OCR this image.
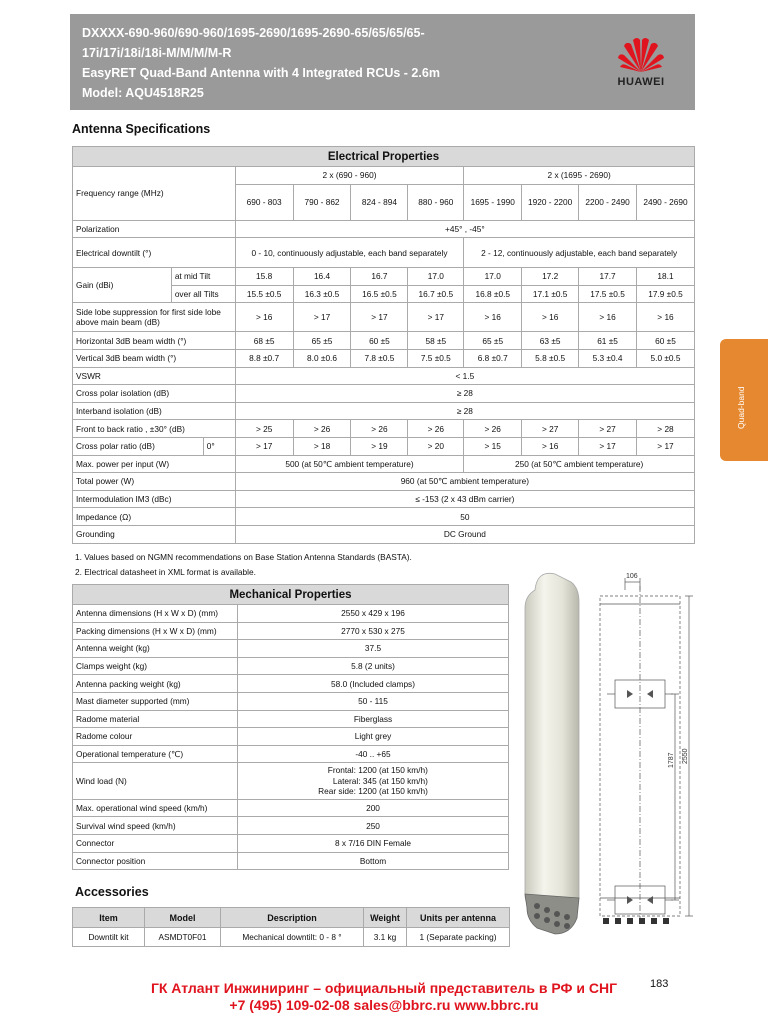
DXXXX-690-960/690-960/1695-2690/1695-2690-65/65/65/65-
17i/17i/18i/18i-M/M/M/M-R
EasyRET Quad-Band Antenna with 4 Integrated RCUs - 2.6m
Model: AQU4518R25
HUAWEI
Quad-band
Antenna Specifications
Electrical Properties										
Frequency range (MHz)			2 x (690 - 960)				2 x (1695 - 2690)			
			690 - 803	790 - 862	824 - 894	880 - 960	1695 - 1990	1920 - 2200	2200 - 2490	2490 - 2690
Polarization			+45° , -45°							
Electrical downtilt (°)			0 - 10, continuously adjustable, each band separately				2 - 12, continuously adjustable, each band separately			
Gain (dBi)	at mid Tilt		15.8	16.4	16.7	17.0	17.0	17.2	17.7	18.1
	over all Tilts		15.5 ±0.5	16.3 ±0.5	16.5 ±0.5	16.7 ±0.5	16.8 ±0.5	17.1 ±0.5	17.5 ±0.5	17.9 ±0.5
Side lobe suppression for first side lobe above main beam (dB)			> 16	> 17	> 17	> 17	> 16	> 16	> 16	> 16
Horizontal 3dB beam width (°)			68 ±5	65 ±5	60 ±5	58 ±5	65 ±5	63 ±5	61 ±5	60 ±5
Vertical 3dB beam width (°)			8.8 ±0.7	8.0 ±0.6	7.8 ±0.5	7.5 ±0.5	6.8 ±0.7	5.8 ±0.5	5.3 ±0.4	5.0 ±0.5
VSWR			< 1.5							
Cross polar isolation (dB)			≥ 28							
Interband isolation (dB)			≥ 28							
Front to back ratio , ±30° (dB)			> 25	> 26	> 26	> 26	> 26	> 27	> 27	> 28
Cross polar ratio (dB)		0°	> 17	> 18	> 19	> 20	> 15	> 16	> 17	> 17
Max. power per input (W)			500 (at 50℃ ambient temperature)				250 (at 50℃ ambient temperature)			
Total power (W)			960 (at 50℃ ambient temperature)							
Intermodulation IM3 (dBc)			≤ -153 (2 x 43 dBm carrier)							
Impedance (Ω)			50							
Grounding			DC Ground							
1. Values based on NGMN recommendations on Base Station Antenna Standards (BASTA).
2. Electrical datasheet in XML format is available.
Mechanical Properties	
Antenna dimensions (H x W x D) (mm)	2550 x 429 x 196
Packing dimensions (H x W x D) (mm)	2770 x 530 x 275
Antenna weight (kg)	37.5
Clamps weight (kg)	5.8 (2 units)
Antenna packing weight (kg)	58.0 (Included clamps)
Mast diameter supported (mm)	50 - 115
Radome material	Fiberglass
Radome colour	Light grey
Operational temperature (℃)	-40 .. +65
Wind load (N)	Frontal: 1200 (at 150 km/h)
Lateral: 345 (at 150 km/h)
Rear side: 1200 (at 150 km/h)

Max. operational wind speed (km/h)	200
Survival wind speed (km/h)	250
Connector	8 x 7/16 DIN Female
Connector position	Bottom
Accessories
Item	Model	Description	Weight	Units per antenna
Downtilt kit	ASMDT0F01	Mechanical downtilt: 0 - 8 °	3.1 kg	1 (Separate packing)
106
1787 2550
183
ГК Атлант Инжиниринг – официальный представитель в РФ и СНГ
+7 (495) 109-02-08 sales@bbrc.ru www.bbrc.ru
